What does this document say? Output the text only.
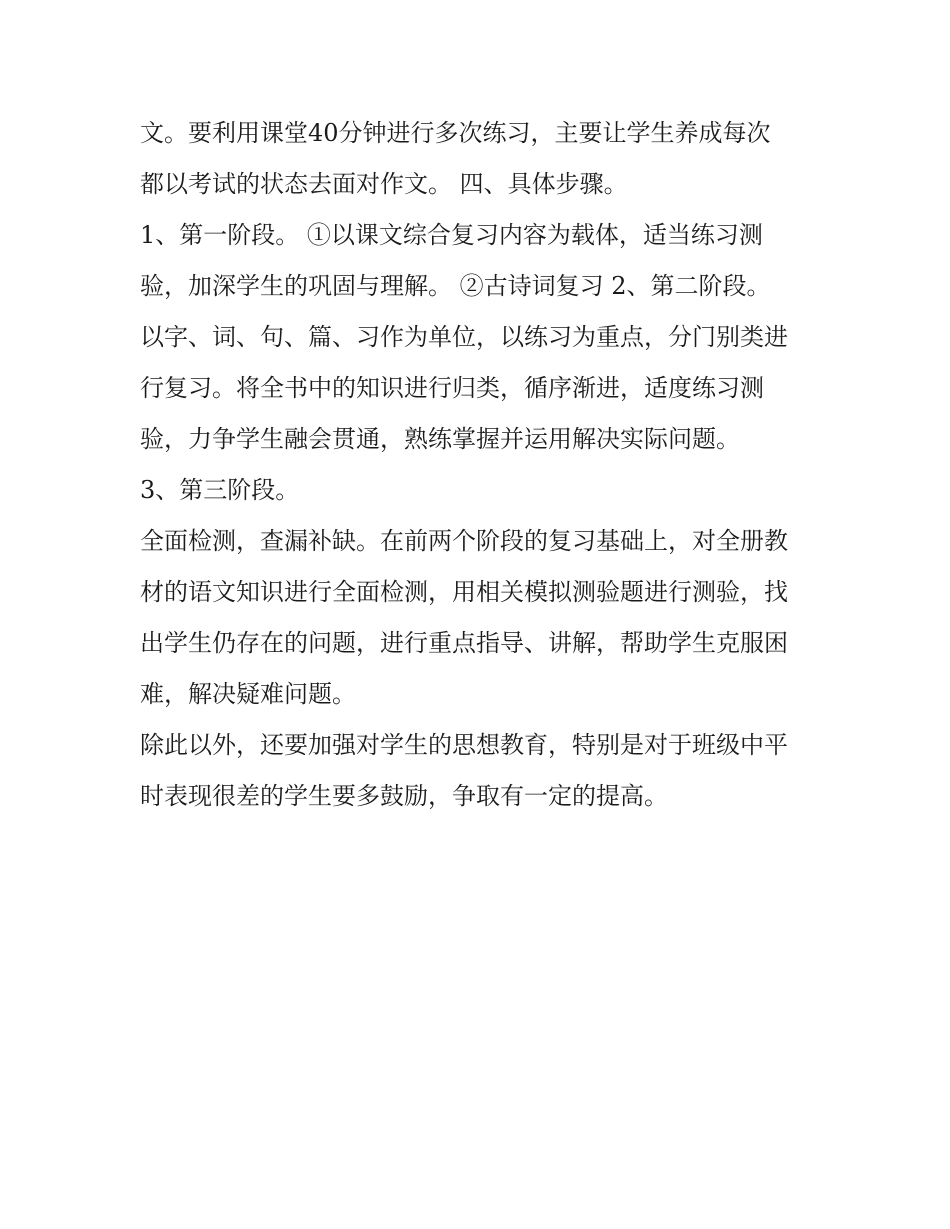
文。要利用课堂40分钟进行多次练习，主要让学生养成每次
都以考试的状态去面对作文。 四、具体步骤。
1、第一阶段。 ①以课文综合复习内容为载体，适当练习测
验，加深学生的巩固与理解。 ②古诗词复习 2、第二阶段。
以字、词、句、篇、习作为单位，以练习为重点，分门别类进
行复习。将全书中的知识进行归类，循序渐进，适度练习测
验，力争学生融会贯通，熟练掌握并运用解决实际问题。
3、第三阶段。
全面检测，查漏补缺。在前两个阶段的复习基础上，对全册教
材的语文知识进行全面检测，用相关模拟测验题进行测验，找
出学生仍存在的问题，进行重点指导、讲解，帮助学生克服困
难，解决疑难问题。
除此以外，还要加强对学生的思想教育，特别是对于班级中平
时表现很差的学生要多鼓励，争取有一定的提高。
